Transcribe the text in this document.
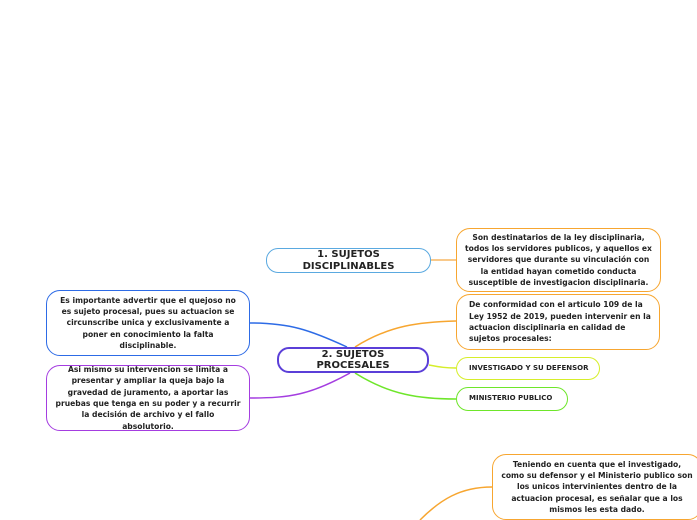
1. SUJETOS DISCIPLINABLES
2. SUJETOS PROCESALES
Son destinatarios de la ley disciplinaria, todos los servidores publicos, y aquellos ex servidores que durante su vinculación con la entidad hayan cometido conducta susceptible de investigacion disciplinaria.
De conformidad con el articulo 109 de la Ley 1952 de 2019, pueden intervenir en la actuacion disciplinaria en calidad de sujetos procesales:
INVESTIGADO Y SU DEFENSOR
MINISTERIO PUBLICO
Es importante advertir que el quejoso no es sujeto procesal, pues su actuacion se circunscribe unica y exclusivamente a poner en conocimiento la falta disciplinable.
Asi mismo su intervencion se limita a presentar y ampliar la queja bajo la gravedad de juramento, a aportar las pruebas que tenga en su poder y a recurrir la decisión de archivo y el fallo absolutorio.
Teniendo en cuenta que el investigado, como su defensor y el Ministerio publico son los unicos intervinientes dentro de la actuacion procesal, es señalar que a los mismos les esta dado.
